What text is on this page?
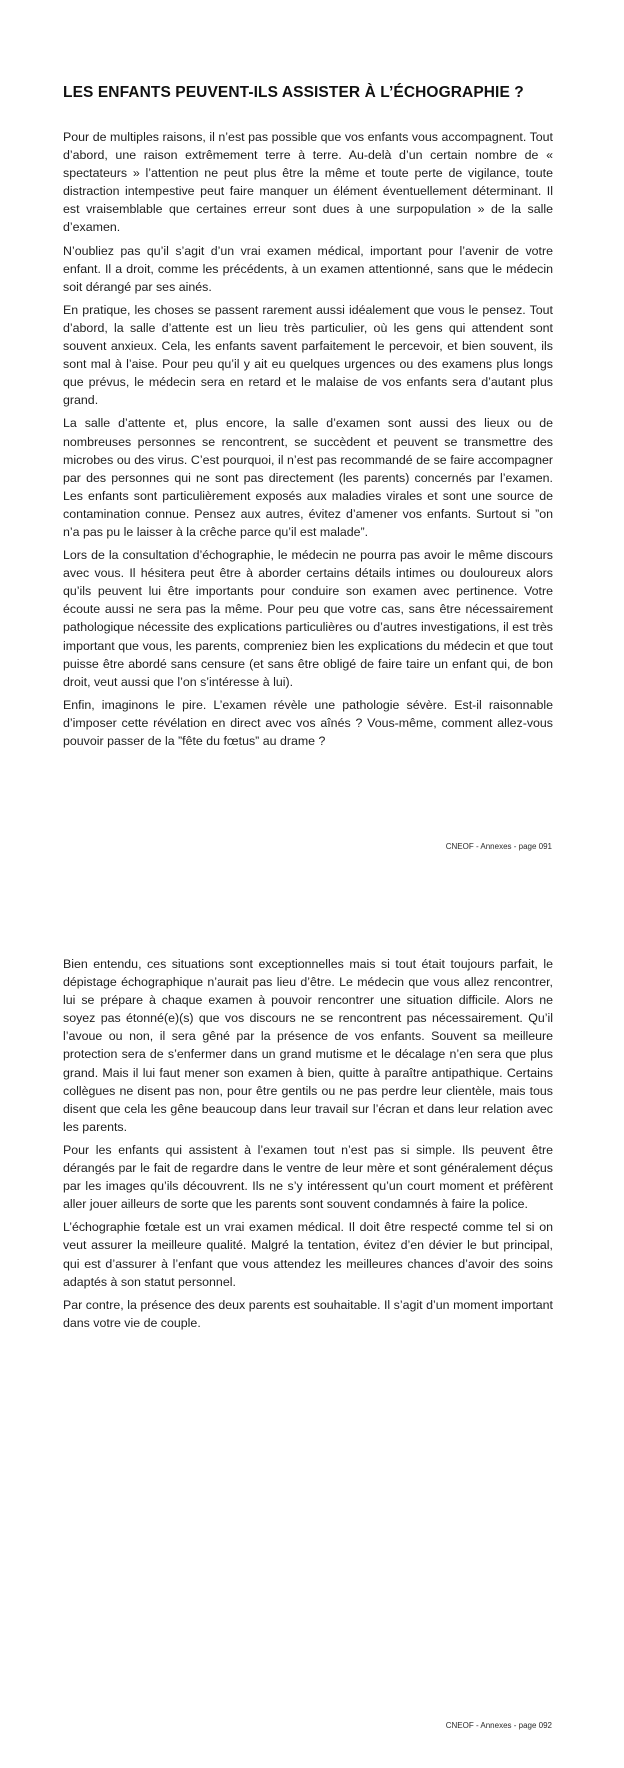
LES ENFANTS PEUVENT-ILS ASSISTER À L’ÉCHOGRAPHIE ?

Pour de multiples raisons, il n’est pas possible que vos enfants vous accompagnent. Tout d’abord, une raison extrêmement terre à terre. Au-delà d’un certain nombre de « spectateurs » l’attention ne peut plus être la même et toute perte de vigilance, toute distraction intempestive peut faire manquer un élément éventuellement déterminant. Il est vraisemblable que certaines erreur sont dues à une surpopulation » de la salle d’examen.

N’oubliez pas qu’il s’agit d’un vrai examen médical, important pour l’avenir de votre enfant. Il a droit, comme les précédents, à un examen attentionné, sans que le médecin soit dérangé par ses ainés.

En pratique, les choses se passent rarement aussi idéalement que vous le pensez. Tout d’abord, la salle d’attente est un lieu très particulier, où les gens qui attendent sont souvent anxieux. Cela, les enfants savent parfaitement le percevoir, et bien souvent, ils sont mal à l’aise. Pour peu qu’il y ait eu quelques urgences ou des examens plus longs que prévus, le médecin sera en retard et le malaise de vos enfants sera d’autant plus grand.

La salle d’attente et, plus encore, la salle d’examen sont aussi des lieux ou de nombreuses personnes se rencontrent, se succèdent et peuvent se transmettre des microbes ou des virus. C’est pourquoi, il n’est pas recommandé de se faire accompagner par des personnes qui ne sont pas directement (les parents) concernés par l’examen. Les enfants sont particulièrement exposés aux maladies virales et sont une source de contamination connue. Pensez aux autres, évitez d’amener vos enfants. Surtout si ”on n’a pas pu le laisser à la crêche parce qu’il est malade”.

Lors de la consultation d’échographie, le médecin ne pourra pas avoir le même discours avec vous. Il hésitera peut être à aborder certains détails intimes ou douloureux alors qu’ils peuvent lui être importants pour conduire son examen avec pertinence. Votre écoute aussi ne sera pas la même. Pour peu que votre cas, sans être nécessairement pathologique nécessite des explications particulières ou d’autres investigations, il est très important que vous, les parents, compreniez bien les explications du médecin et que tout puisse être abordé sans censure (et sans être obligé de faire taire un enfant qui, de bon droit, veut aussi que l’on s’intéresse à lui).

Enfin, imaginons le pire. L’examen révèle une pathologie sévère. Est-il raisonnable d’imposer cette révélation en direct avec vos aînés ? Vous-même, comment allez-vous pouvoir passer de la ”fête du fœtus” au drame ?

CNEOF - Annexes - page 091

Bien entendu, ces situations sont exceptionnelles mais si tout était toujours parfait, le dépistage échographique n’aurait pas lieu d’être. Le médecin que vous allez rencontrer, lui se prépare à chaque examen à pouvoir rencontrer une situation difficile. Alors ne soyez pas étonné(e)(s) que vos discours ne se rencontrent pas nécessairement. Qu’il l’avoue ou non, il sera gêné par la présence de vos enfants. Souvent sa meilleure protection sera de s’enfermer dans un grand mutisme et le décalage n’en sera que plus grand. Mais il lui faut mener son examen à bien, quitte à paraître antipathique. Certains collègues ne disent pas non, pour être gentils ou ne pas perdre leur clientèle, mais tous disent que cela les gêne beaucoup dans leur travail sur l’écran et dans leur relation avec les parents.

Pour les enfants qui assistent à l’examen tout n’est pas si simple. Ils peuvent être dérangés par le fait de regardre dans le ventre de leur mère et sont généralement déçus par les images qu’ils découvrent. Ils ne s’y intéressent qu’un court moment et préfèrent aller jouer ailleurs de sorte que les parents sont souvent condamnés à faire la police.

L’échographie fœtale est un vrai examen médical. Il doit être respecté comme tel si on veut assurer la meilleure qualité. Malgré la tentation, évitez d’en dévier le but principal, qui est d’assurer à l’enfant que vous attendez les meilleures chances d’avoir des soins adaptés à son statut personnel.

Par contre, la présence des deux parents est souhaitable. Il s’agit d’un moment important dans votre vie de couple.

CNEOF - Annexes - page 092
